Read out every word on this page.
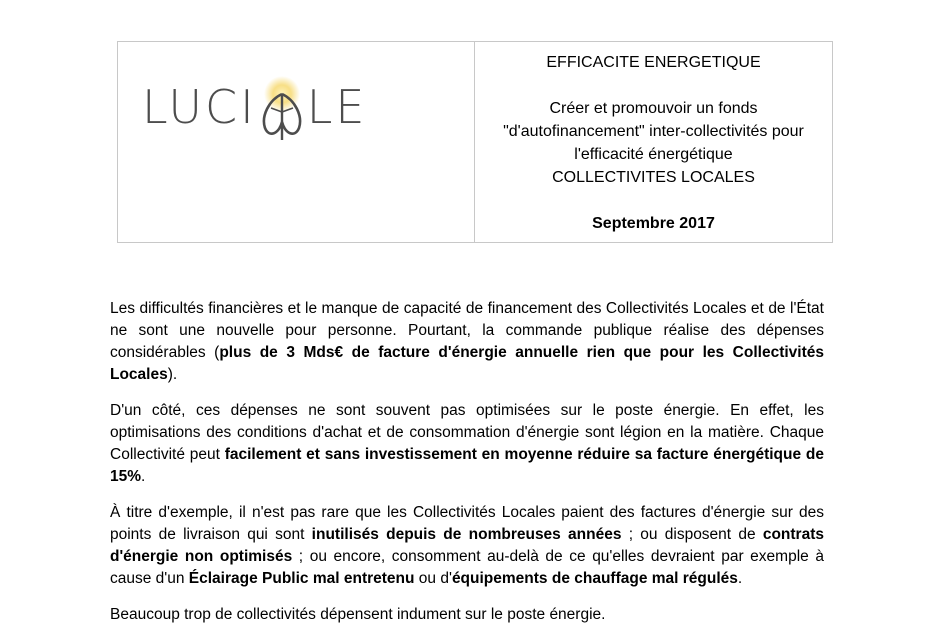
LUCI LE
EFFICACITE ENERGETIQUE
Créer et promouvoir un fonds
"d'autofinancement" inter-collectivités pour
l'efficacité énergétique
COLLECTIVITES LOCALES
Septembre 2017

Les difficultés financières et le manque de capacité de financement des Collectivités Locales et de l'État ne sont une nouvelle pour personne. Pourtant, la commande publique réalise des dépenses considérables (plus de 3 Mds€ de facture d'énergie annuelle rien que pour les Collectivités Locales).

D'un côté, ces dépenses ne sont souvent pas optimisées sur le poste énergie. En effet, les optimisations des conditions d'achat et de consommation d'énergie sont légion en la matière. Chaque Collectivité peut facilement et sans investissement en moyenne réduire sa facture énergétique de 15%.

À titre d'exemple, il n'est pas rare que les Collectivités Locales paient des factures d'énergie sur des points de livraison qui sont inutilisés depuis de nombreuses années ; ou disposent de contrats d'énergie non optimisés ; ou encore, consomment au-delà de ce qu'elles devraient par exemple à cause d'un Éclairage Public mal entretenu ou d'équipements de chauffage mal régulés.

Beaucoup trop de collectivités dépensent indument sur le poste énergie.
